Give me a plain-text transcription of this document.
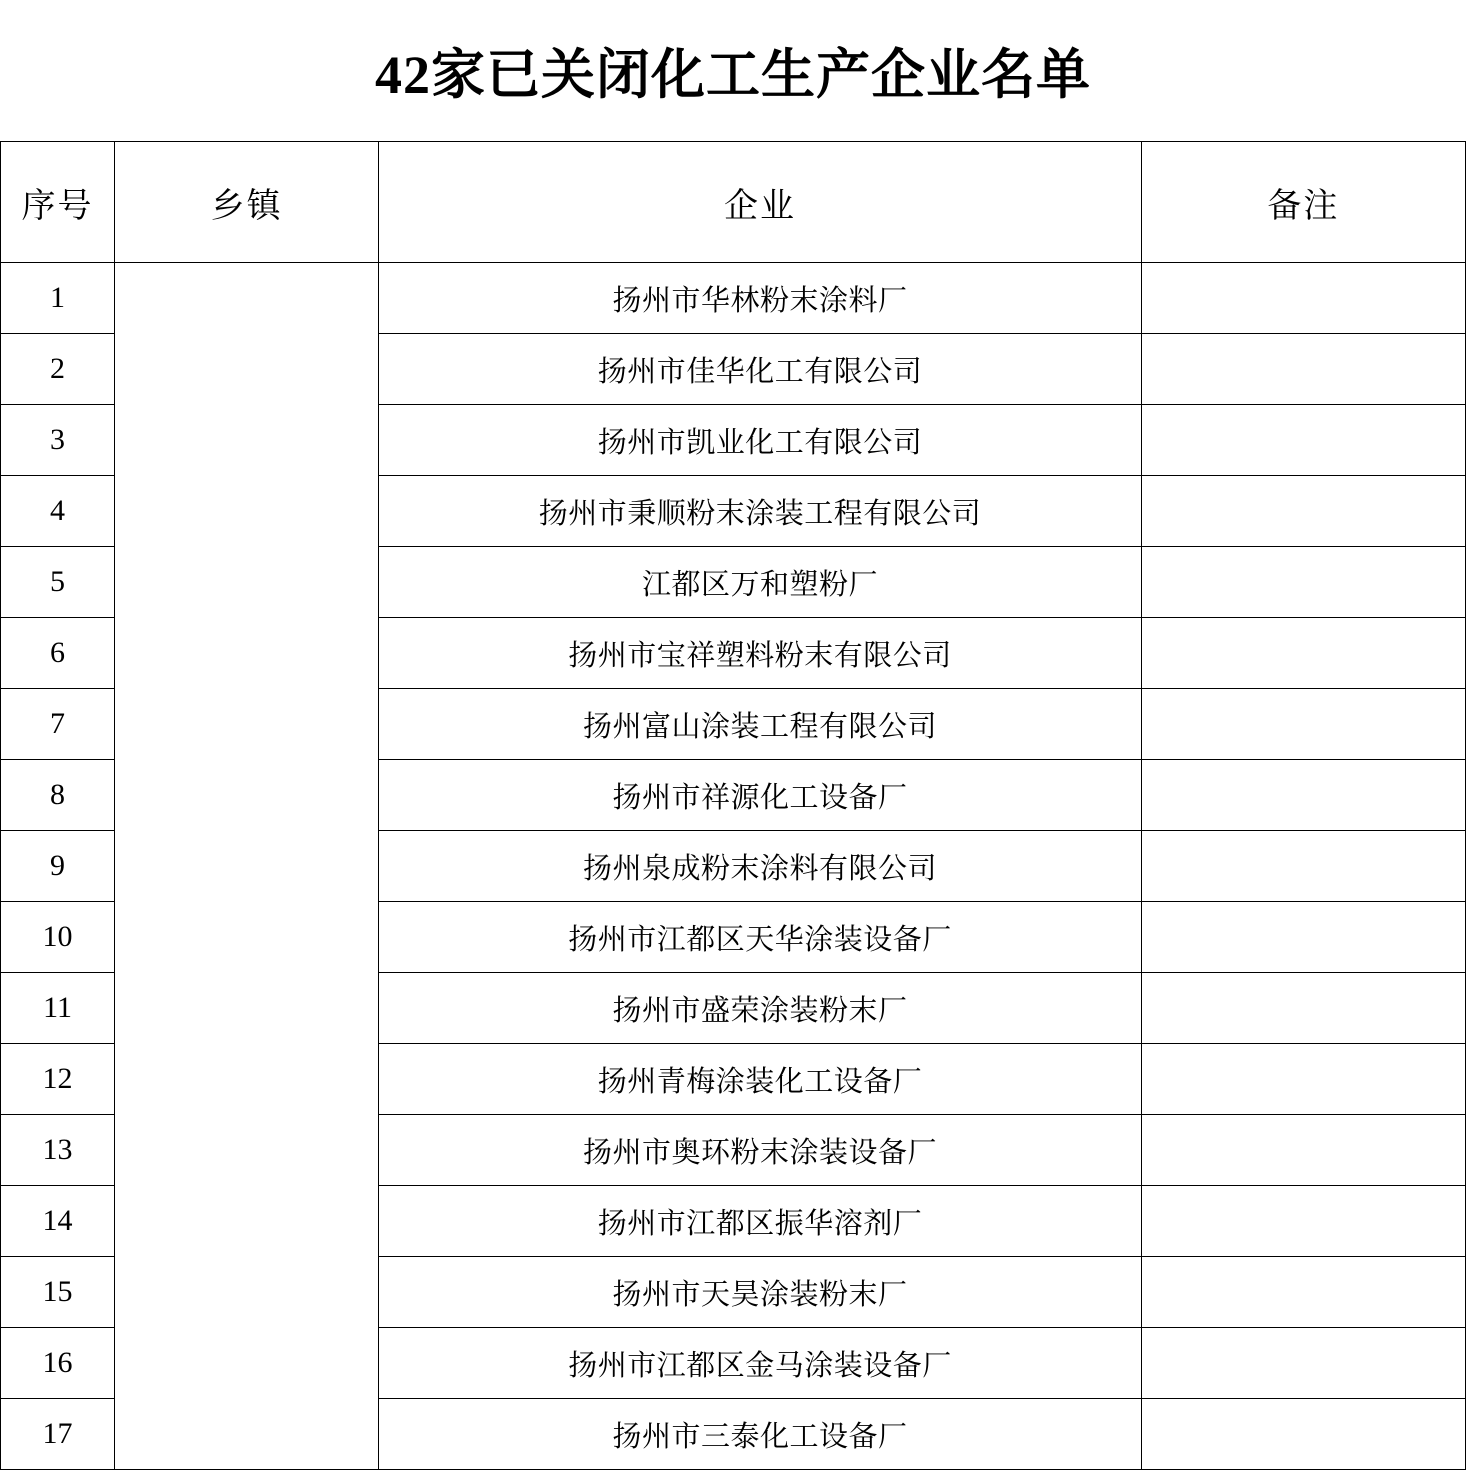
42家已关闭化工生产企业名单
序号	乡镇	企业	备注
1		扬州市华林粉末涂料厂	
2		扬州市佳华化工有限公司	
3		扬州市凯业化工有限公司	
4		扬州市秉顺粉末涂装工程有限公司	
5		江都区万和塑粉厂	
6		扬州市宝祥塑料粉末有限公司	
7		扬州富山涂装工程有限公司	
8		扬州市祥源化工设备厂	
9		扬州泉成粉末涂料有限公司	
10		扬州市江都区天华涂装设备厂	
11		扬州市盛荣涂装粉末厂	
12		扬州青梅涂装化工设备厂	
13		扬州市奥环粉末涂装设备厂	
14		扬州市江都区振华溶剂厂	
15		扬州市天昊涂装粉末厂	
16		扬州市江都区金马涂装设备厂	
17		扬州市三泰化工设备厂	
